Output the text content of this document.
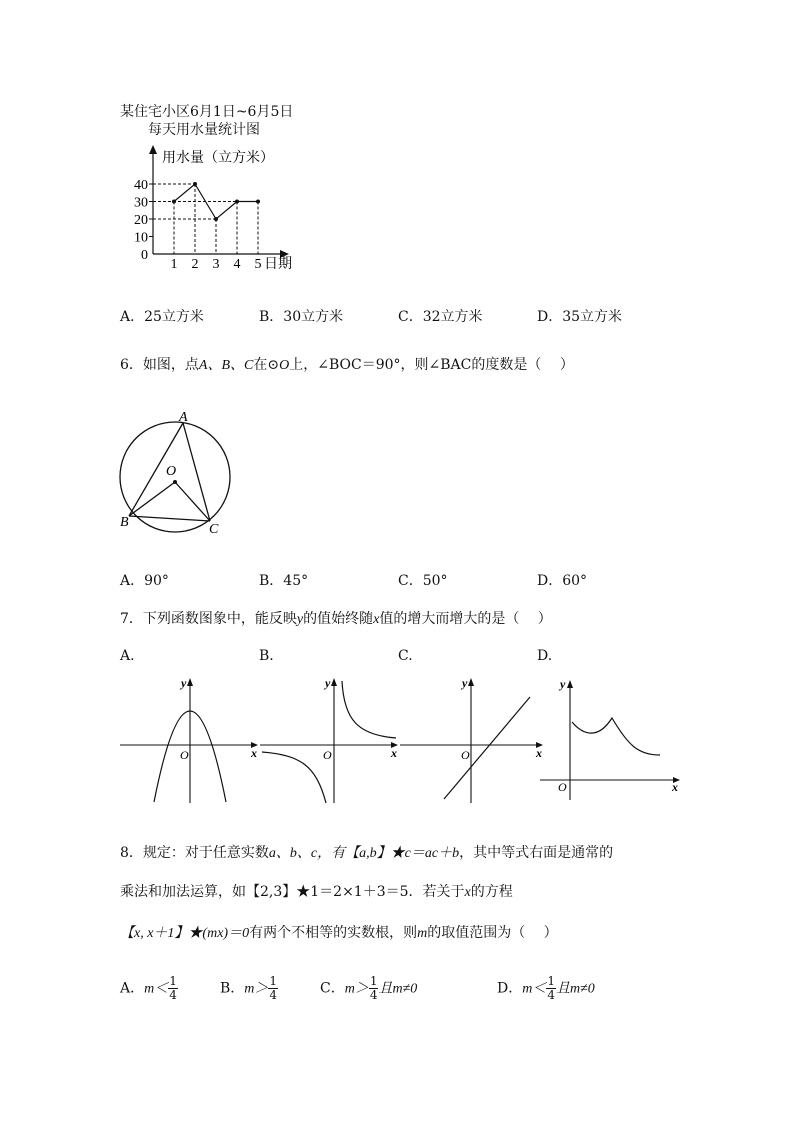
某住宅小区6月1日~6月5日
每天用水量统计图
用水量（立方米）
日期
0
10
20
30
40
1 2 3 4 5
A．25立方米	B．30立方米	C．32立方米	D．35立方米
6．如图，点A、B、C在⊙O上，∠BOC＝90°，则∠BAC的度数是（　 ）
A
O
B	C
A．90°	B．45°	C．50°	D．60°
7．下列函数图象中，能反映y的值始终随x值的增大而增大的是（　 ）
A.	B.	C.	D.
y
x
O
y
x
O
y
x
O
y
x
O
8．规定：对于任意实数a、b、c，有【a,b】★c＝ac＋b，其中等式右面是通常的
乘法和加法运算，如【2,3】★1＝2×1＋3＝5．若关于x的方程
【x, x＋1】★(mx)＝0有两个不相等的实数根，则m的取值范围为（　 ）
A．$m< \frac{1}{4}$	B．$m> \frac{1}{4}$	C．$m> \frac{1}{4}$ 且m≠0	D．$m< \frac{1}{4}$ 且m≠0
